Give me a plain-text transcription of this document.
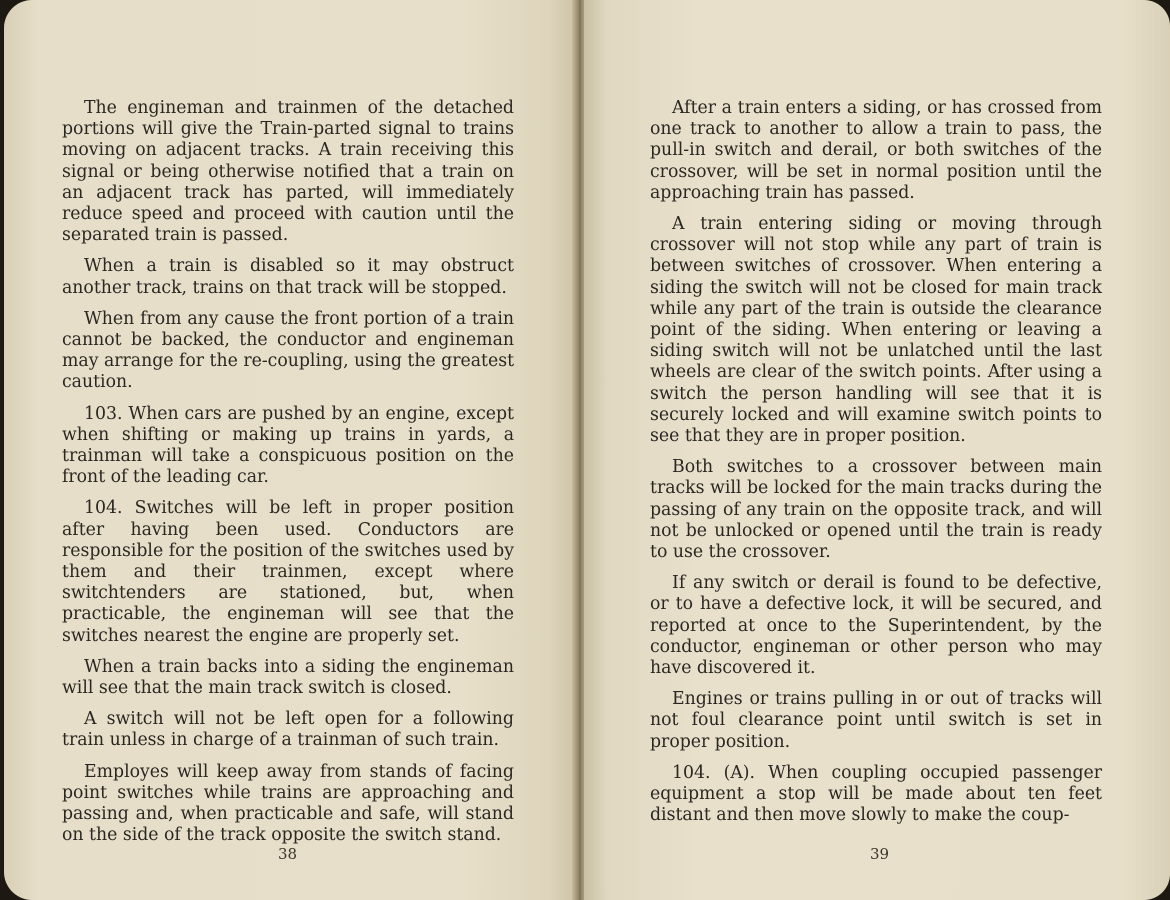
The engineman and trainmen of the detached portions will give the Train-parted signal to trains moving on adjacent tracks. A train receiving this signal or being otherwise notified that a train on an adjacent track has parted, will immediately reduce speed and proceed with caution until the separated train is passed.

When a train is disabled so it may obstruct another track, trains on that track will be stopped.

When from any cause the front portion of a train cannot be backed, the conductor and engineman may arrange for the re-coupling, using the greatest caution.

103. When cars are pushed by an engine, except when shifting or making up trains in yards, a trainman will take a conspicuous position on the front of the leading car.

104. Switches will be left in proper position after having been used. Conductors are responsible for the position of the switches used by them and their trainmen, except where switchtenders are stationed, but, when practicable, the engineman will see that the switches nearest the engine are properly set.

When a train backs into a siding the engineman will see that the main track switch is closed.

A switch will not be left open for a following train unless in charge of a trainman of such train.

Employes will keep away from stands of facing point switches while trains are approaching and passing and, when practicable and safe, will stand on the side of the track opposite the switch stand.

38

After a train enters a siding, or has crossed from one track to another to allow a train to pass, the pull-in switch and derail, or both switches of the crossover, will be set in normal position until the approaching train has passed.

A train entering siding or moving through crossover will not stop while any part of train is between switches of crossover. When entering a siding the switch will not be closed for main track while any part of the train is outside the clearance point of the siding. When entering or leaving a siding switch will not be unlatched until the last wheels are clear of the switch points. After using a switch the person handling will see that it is securely locked and will examine switch points to see that they are in proper position.

Both switches to a crossover between main tracks will be locked for the main tracks during the passing of any train on the opposite track, and will not be unlocked or opened until the train is ready to use the crossover.

If any switch or derail is found to be defective, or to have a defective lock, it will be secured, and reported at once to the Superintendent, by the conductor, engineman or other person who may have discovered it.

Engines or trains pulling in or out of tracks will not foul clearance point until switch is set in proper position.

104. (A). When coupling occupied passenger equipment a stop will be made about ten feet distant and then move slowly to make the coup-

39
